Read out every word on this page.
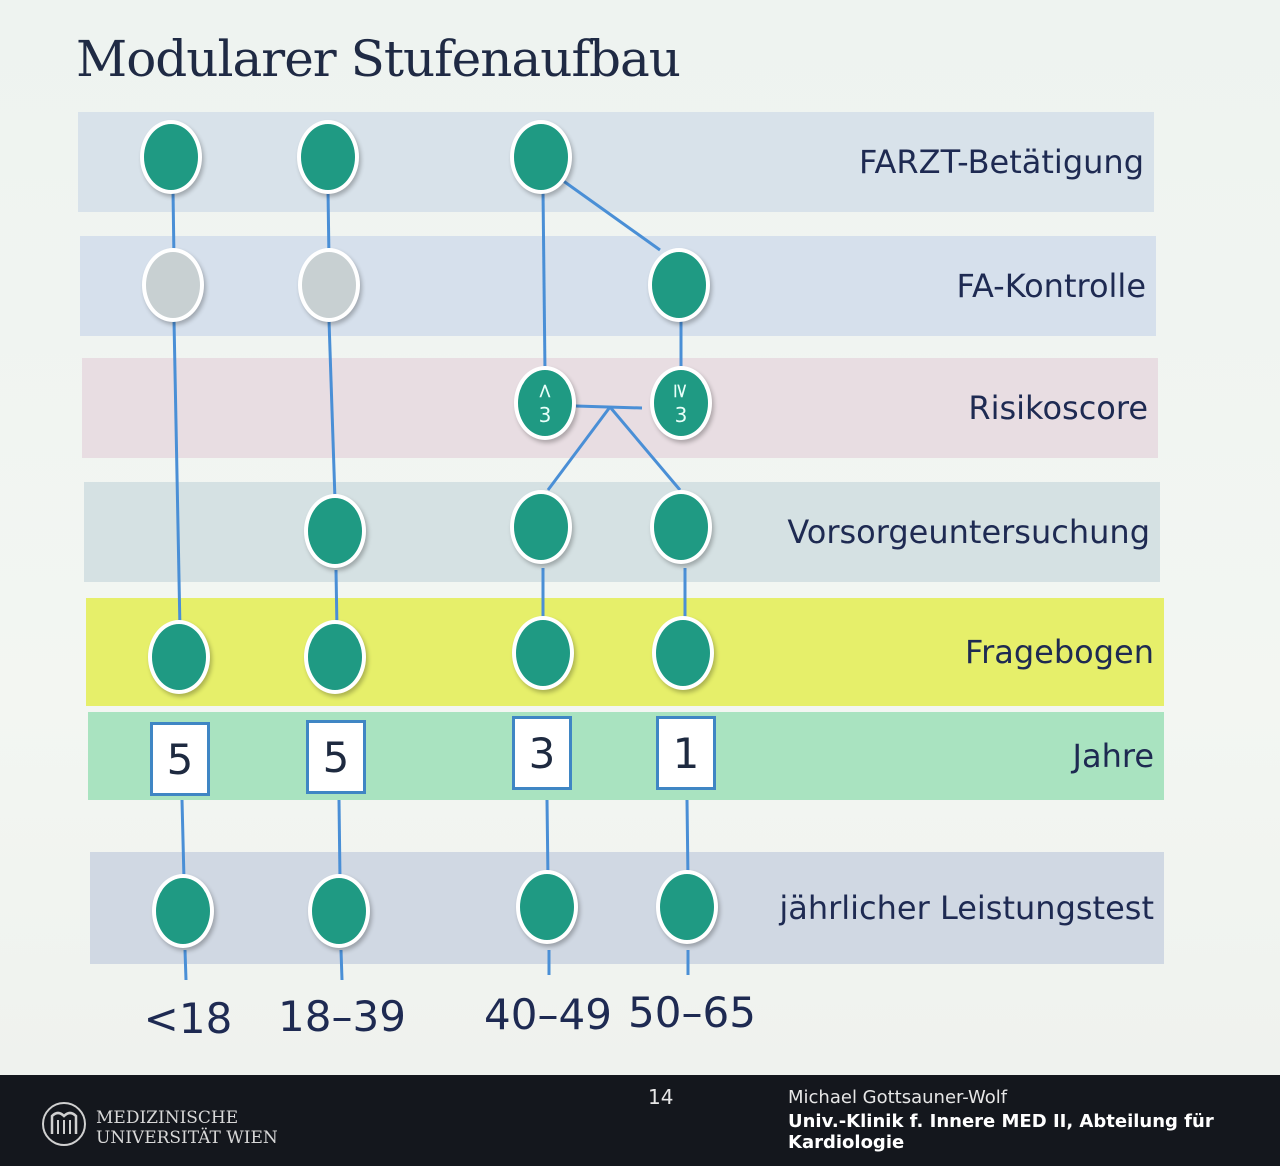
Modularer Stufenaufbau
FARZT-Betätigung
FA-Kontrolle
Risikoscore
Vorsorgeuntersuchung
Fragebogen
Jahre
jährlicher Leistungstest
<
3
≥
3
5	5	3	1
<18	18–39	40–49 50–65
MEDIZINISCHE
UNIVERSITÄT WIEN
14	Michael Gottsauner-Wolf
Univ.-Klinik f. Innere MED II, Abteilung für Kardiologie
